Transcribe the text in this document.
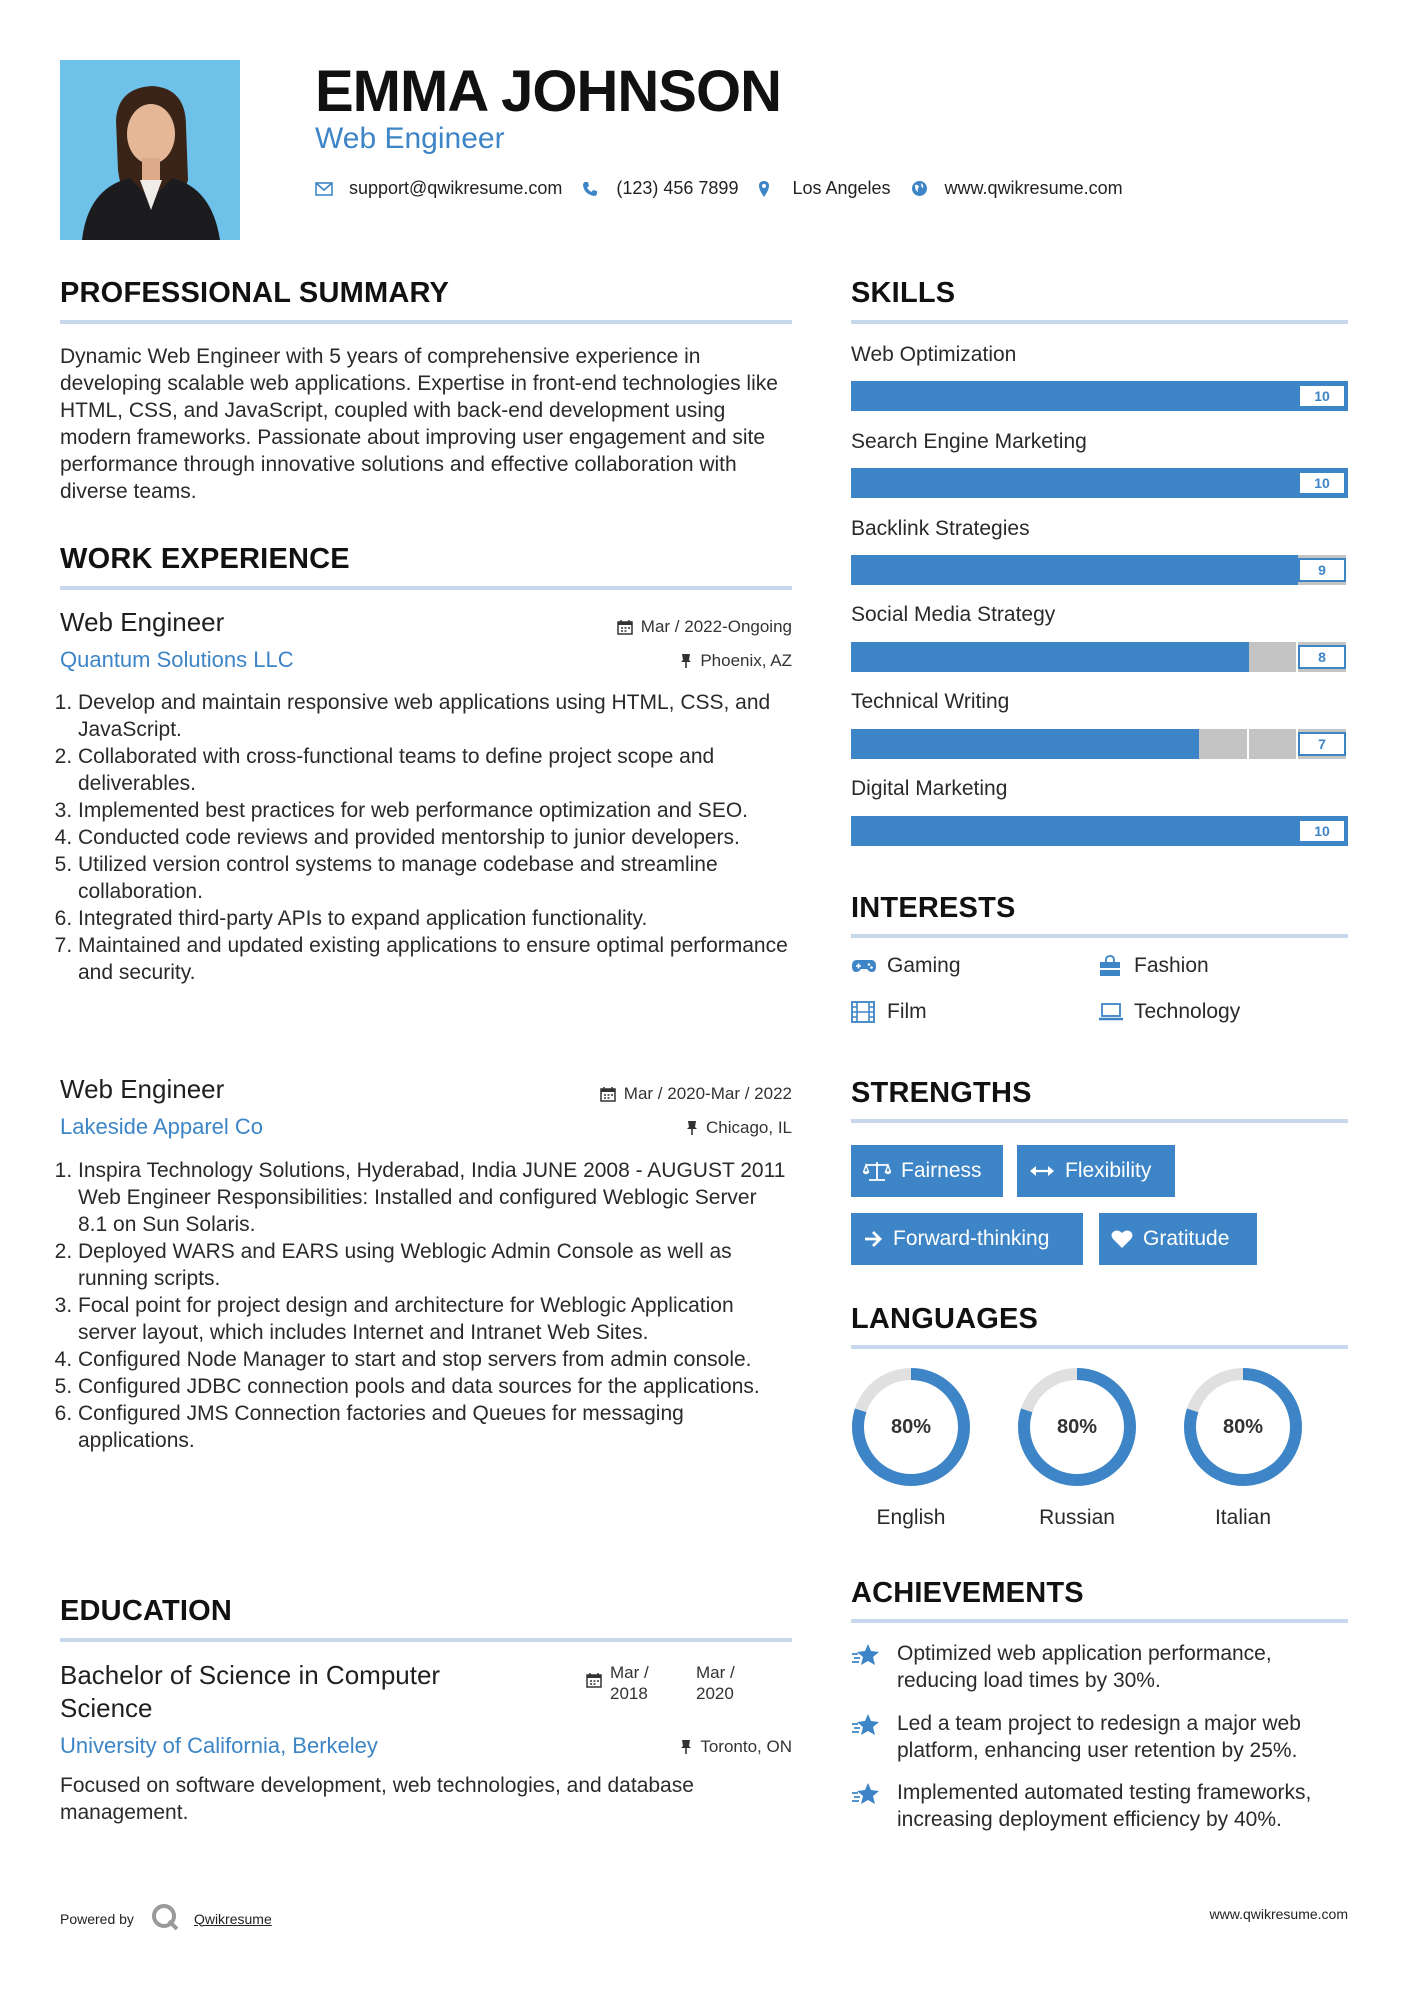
EMMA JOHNSON
Web Engineer
support@qwikresume.com	(123) 456 7899	Los Angeles	www.qwikresume.com
PROFESSIONAL SUMMARY
Dynamic Web Engineer with 5 years of comprehensive experience in developing scalable web applications. Expertise in front-end technologies like HTML, CSS, and JavaScript, coupled with back-end development using modern frameworks. Passionate about improving user engagement and site performance through innovative solutions and effective collaboration with diverse teams.
WORK EXPERIENCE
Web Engineer	Mar / 2022-Ongoing
Quantum Solutions LLC	Phoenix, AZ
1. Develop and maintain responsive web applications using HTML, CSS, and JavaScript.
2. Collaborated with cross-functional teams to define project scope and deliverables.
3. Implemented best practices for web performance optimization and SEO.
4. Conducted code reviews and provided mentorship to junior developers.
5. Utilized version control systems to manage codebase and streamline collaboration.
6. Integrated third-party APIs to expand application functionality.
7. Maintained and updated existing applications to ensure optimal performance and security.
Web Engineer	Mar / 2020-Mar / 2022
Lakeside Apparel Co	Chicago, IL
1. Inspira Technology Solutions, Hyderabad, India JUNE 2008 - AUGUST 2011 Web Engineer Responsibilities: Installed and configured Weblogic Server 8.1 on Sun Solaris.
2. Deployed WARS and EARS using Weblogic Admin Console as well as running scripts.
3. Focal point for project design and architecture for Weblogic Application server layout, which includes Internet and Intranet Web Sites.
4. Configured Node Manager to start and stop servers from admin console.
5. Configured JDBC connection pools and data sources for the applications.
6. Configured JMS Connection factories and Queues for messaging applications.
EDUCATION
Bachelor of Science in Computer Science
Mar / 2018
Mar / 2020
University of California, Berkeley	Toronto, ON
Focused on software development, web technologies, and database management.
SKILLS
Web Optimization
10
Search Engine Marketing
10
Backlink Strategies
9
Social Media Strategy
8
Technical Writing
7
Digital Marketing
10
INTERESTS
Gaming	Fashion
Film	Technology
STRENGTHS
Fairness	Flexibility
Forward-thinking	Gratitude
LANGUAGES
80%
English
80%
Russian
80%
Italian
ACHIEVEMENTS
Optimized web application performance, reducing load times by 30%.
Led a team project to redesign a major web platform, enhancing user retention by 25%.
Implemented automated testing frameworks, increasing deployment efficiency by 40%.
Powered by	Qwikresume	www.qwikresume.com
